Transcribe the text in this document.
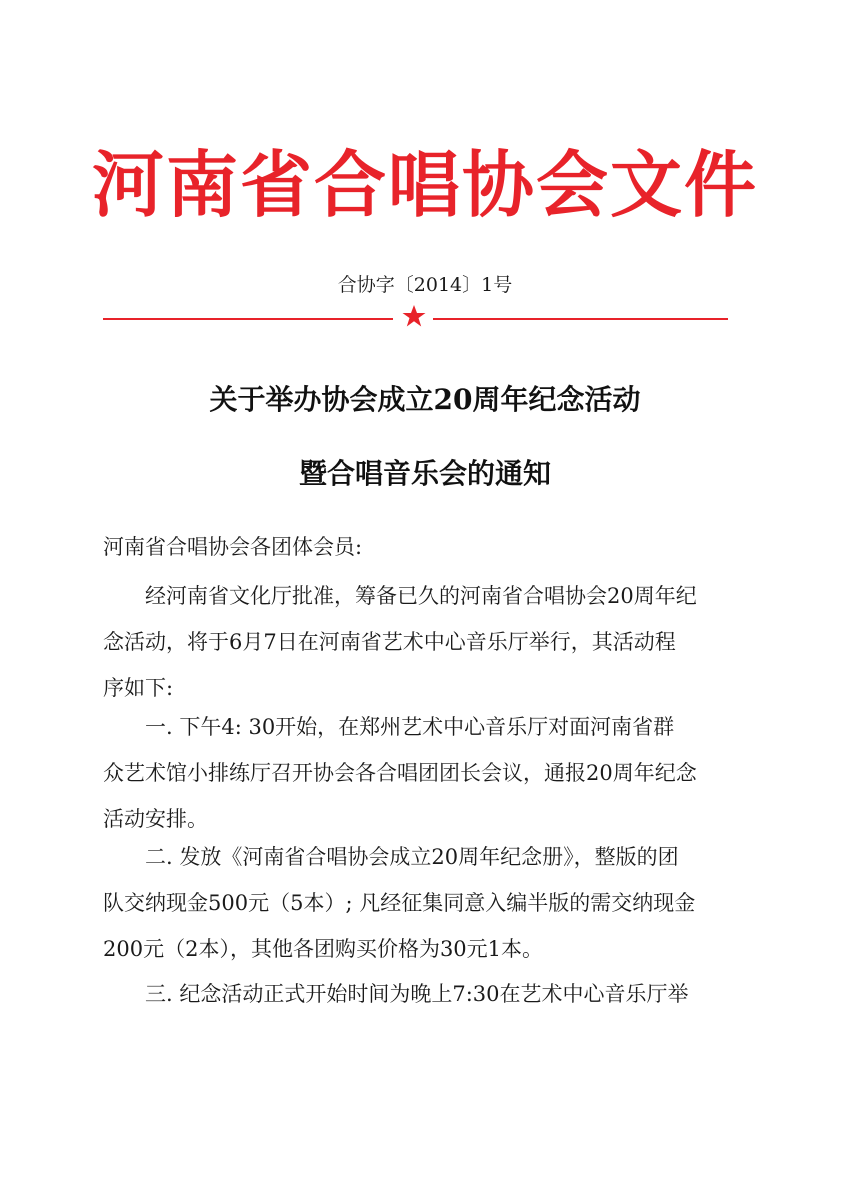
河南省合唱协会文件
合协字〔2014〕1号
关于举办协会成立20周年纪念活动
暨合唱音乐会的通知
河南省合唱协会各团体会员:
经河南省文化厅批准，筹备已久的河南省合唱协会20周年纪
念活动，将于6月7日在河南省艺术中心音乐厅举行，其活动程
序如下:
一. 下午4: 30开始，在郑州艺术中心音乐厅对面河南省群
众艺术馆小排练厅召开协会各合唱团团长会议，通报20周年纪念
活动安排。
二. 发放《河南省合唱协会成立20周年纪念册》，整版的团
队交纳现金500元（5本）; 凡经征集同意入编半版的需交纳现金
200元（2本），其他各团购买价格为30元1本。
三. 纪念活动正式开始时间为晚上7:30在艺术中心音乐厅举
